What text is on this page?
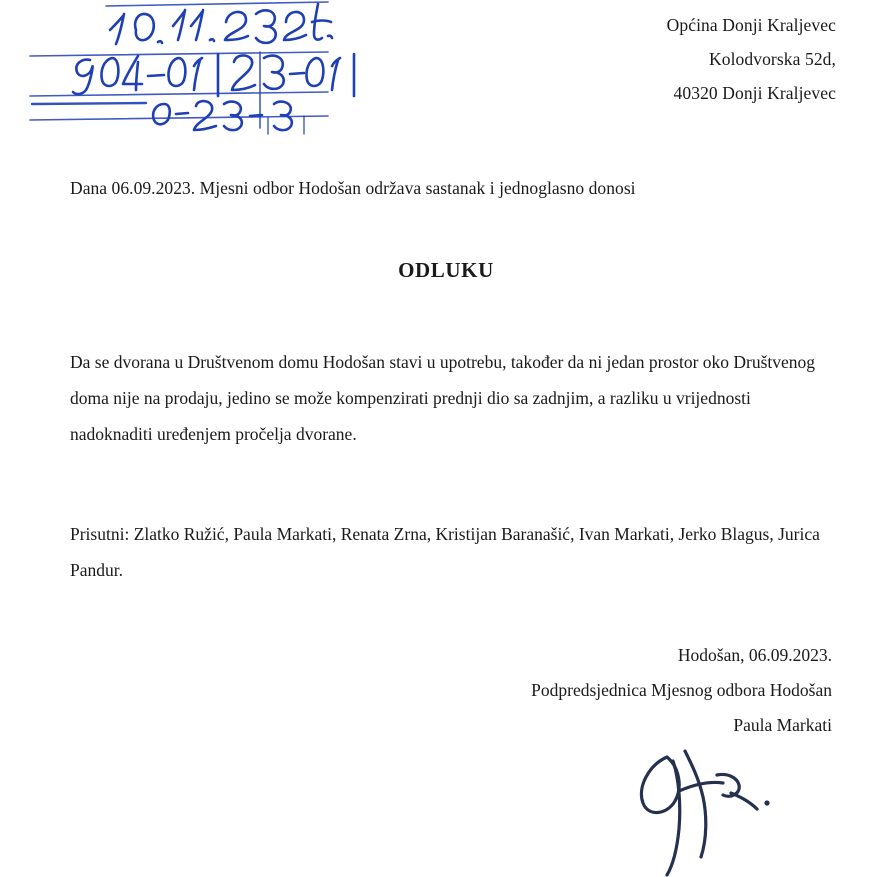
Općina Donji Kraljevec
Kolodvorska 52d,
40320 Donji Kraljevec
Dana 06.09.2023. Mjesni odbor Hodošan održava sastanak i jednoglasno donosi
ODLUKU
Da se dvorana u Društvenom domu Hodošan stavi u upotrebu, također da ni jedan prostor oko Društvenog doma nije na prodaju, jedino se može kompenzirati prednji dio sa zadnjim, a razliku u vrijednosti nadoknaditi uređenjem pročelja dvorane.
Prisutni: Zlatko Ružić, Paula Markati, Renata Zrna, Kristijan Baranašić, Ivan Markati, Jerko Blagus, Jurica Pandur.
Hodošan, 06.09.2023.
Podpredsjednica Mjesnog odbora Hodošan
Paula Markati
